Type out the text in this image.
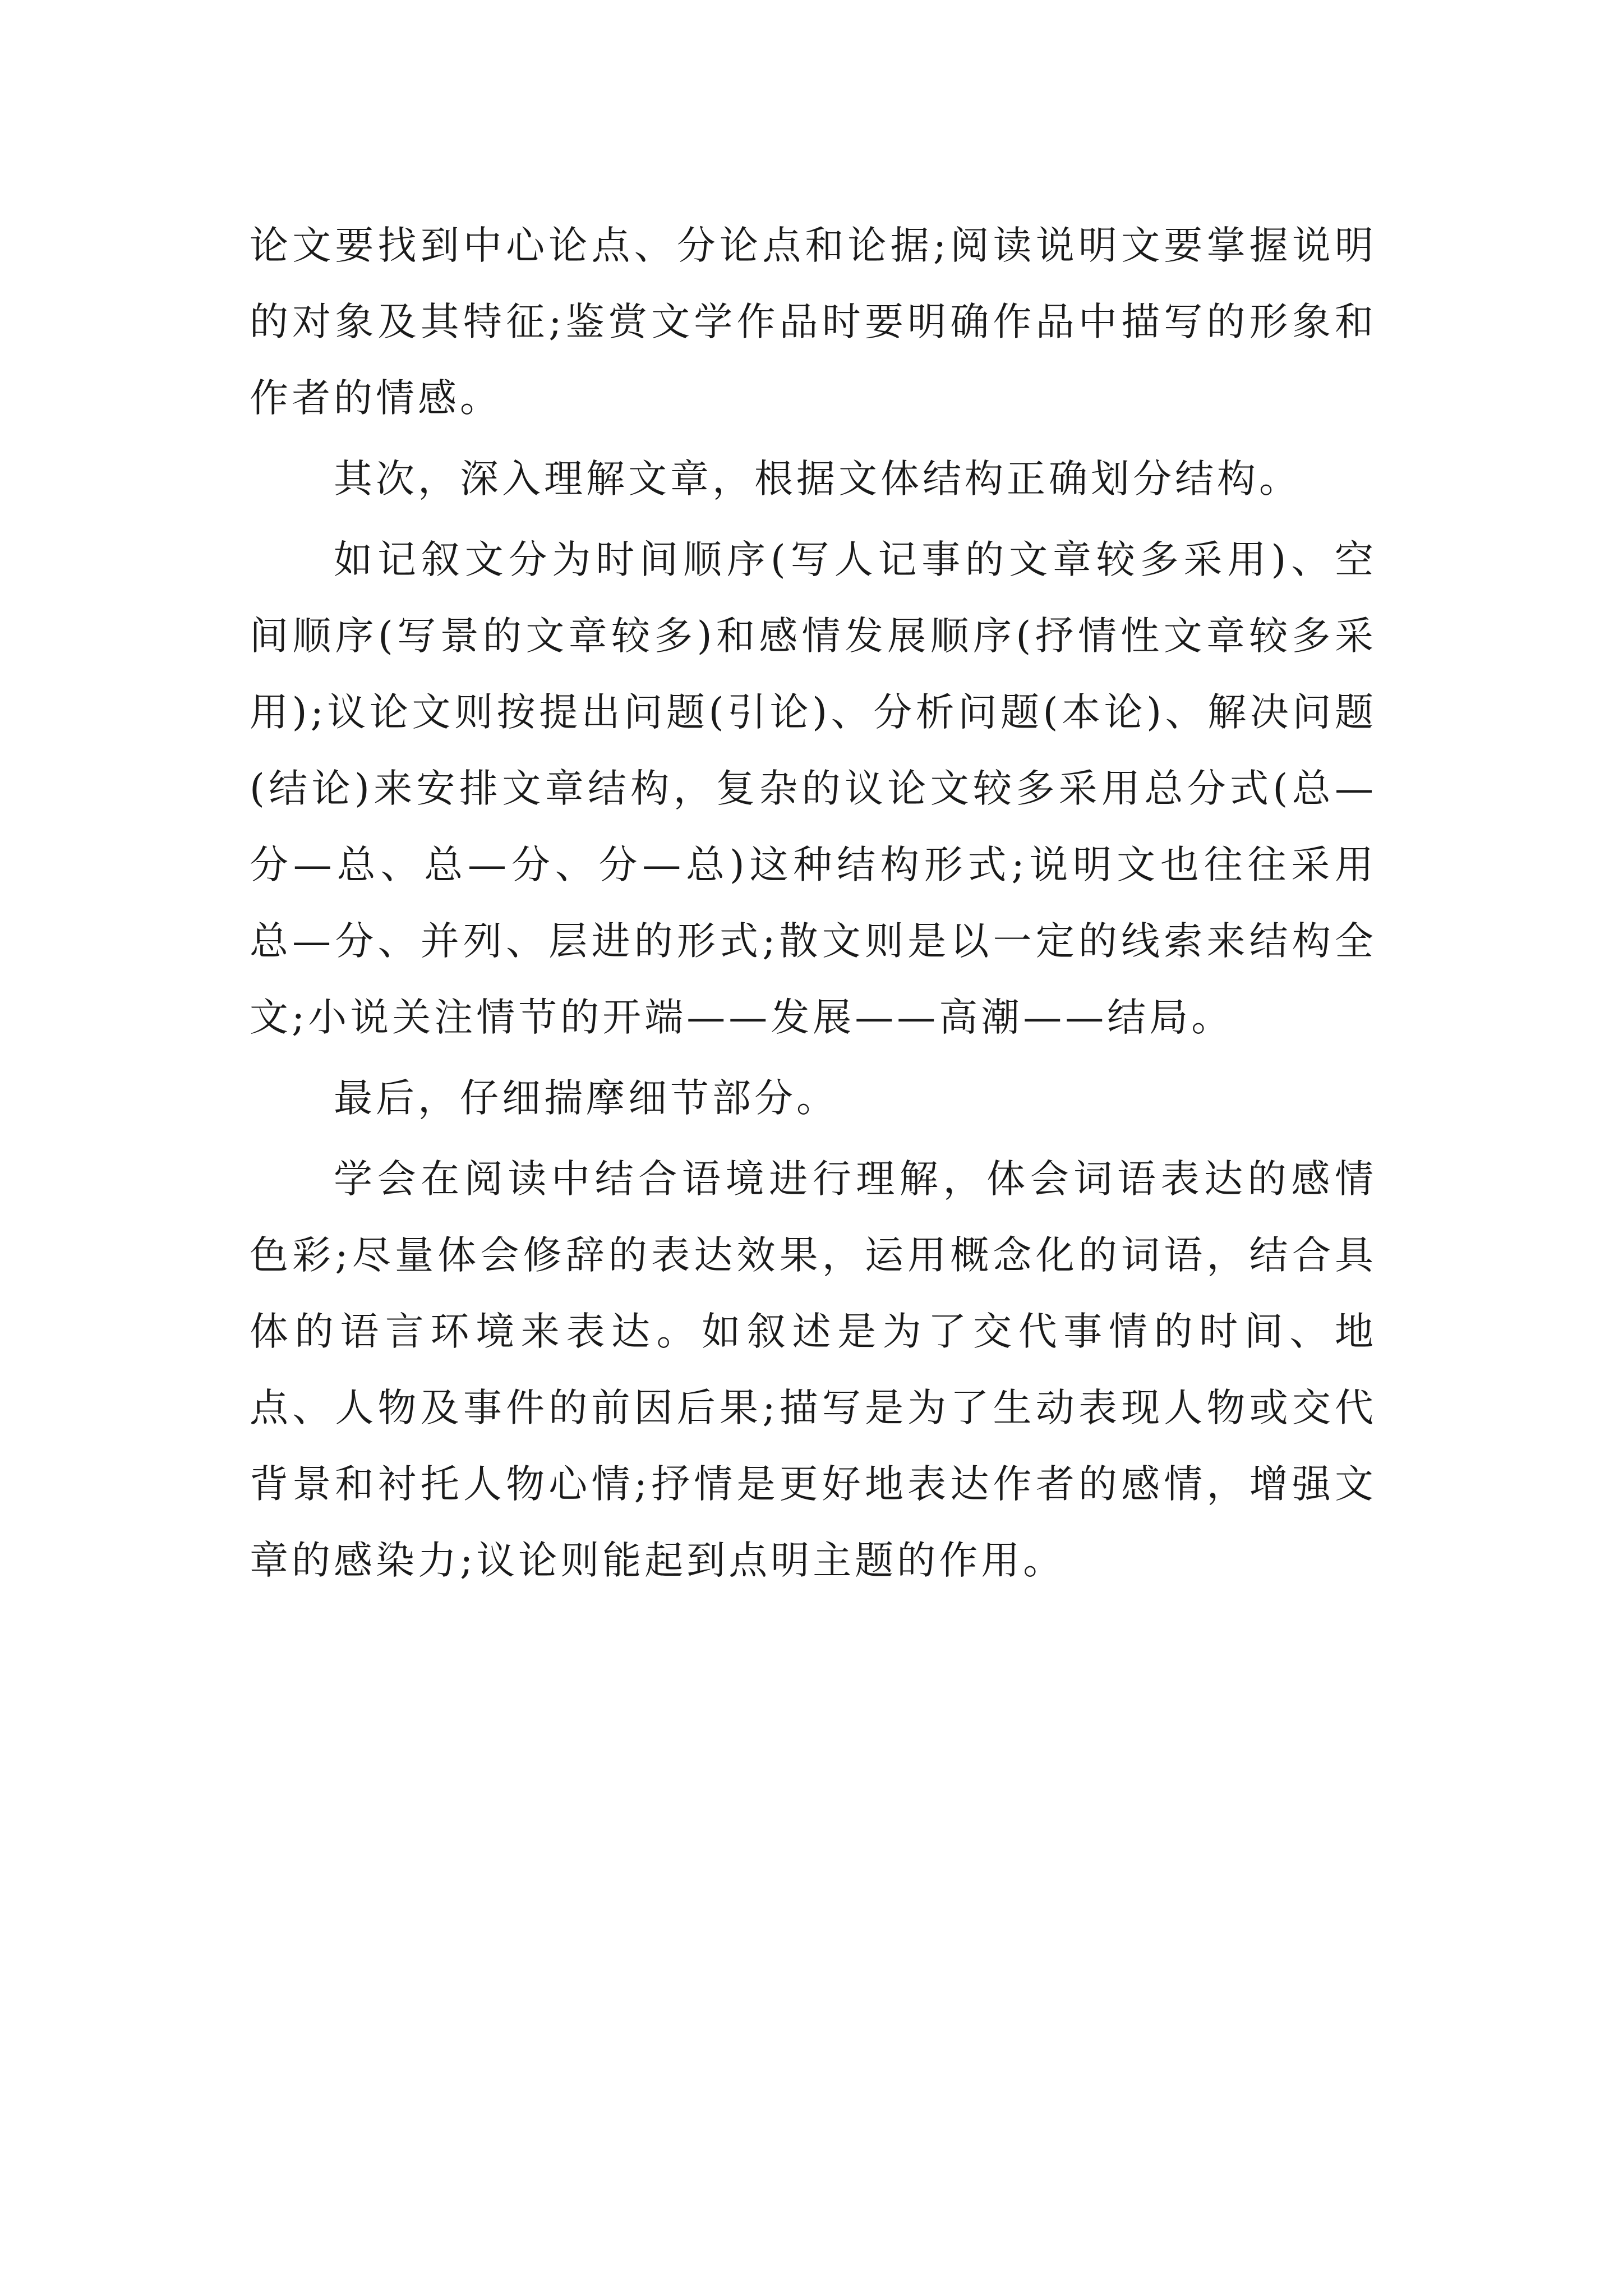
论文要找到中心论点、分论点和论据;阅读说明文要掌握说明的对象及其特征;鉴赏文学作品时要明确作品中描写的形象和作者的情感。

其次，深入理解文章，根据文体结构正确划分结构。

如记叙文分为时间顺序(写人记事的文章较多采用)、空间顺序(写景的文章较多)和感情发展顺序(抒情性文章较多采用);议论文则按提出问题(引论)、分析问题(本论)、解决问题(结论)来安排文章结构，复杂的议论文较多采用总分式(总—分—总、总—分、分—总)这种结构形式;说明文也往往采用总—分、并列、层进的形式;散文则是以一定的线索来结构全文;小说关注情节的开端——发展——高潮——结局。

最后，仔细揣摩细节部分。

学会在阅读中结合语境进行理解，体会词语表达的感情色彩;尽量体会修辞的表达效果，运用概念化的词语，结合具体的语言环境来表达。如叙述是为了交代事情的时间、地点、人物及事件的前因后果;描写是为了生动表现人物或交代背景和衬托人物心情;抒情是更好地表达作者的感情，增强文章的感染力;议论则能起到点明主题的作用。
